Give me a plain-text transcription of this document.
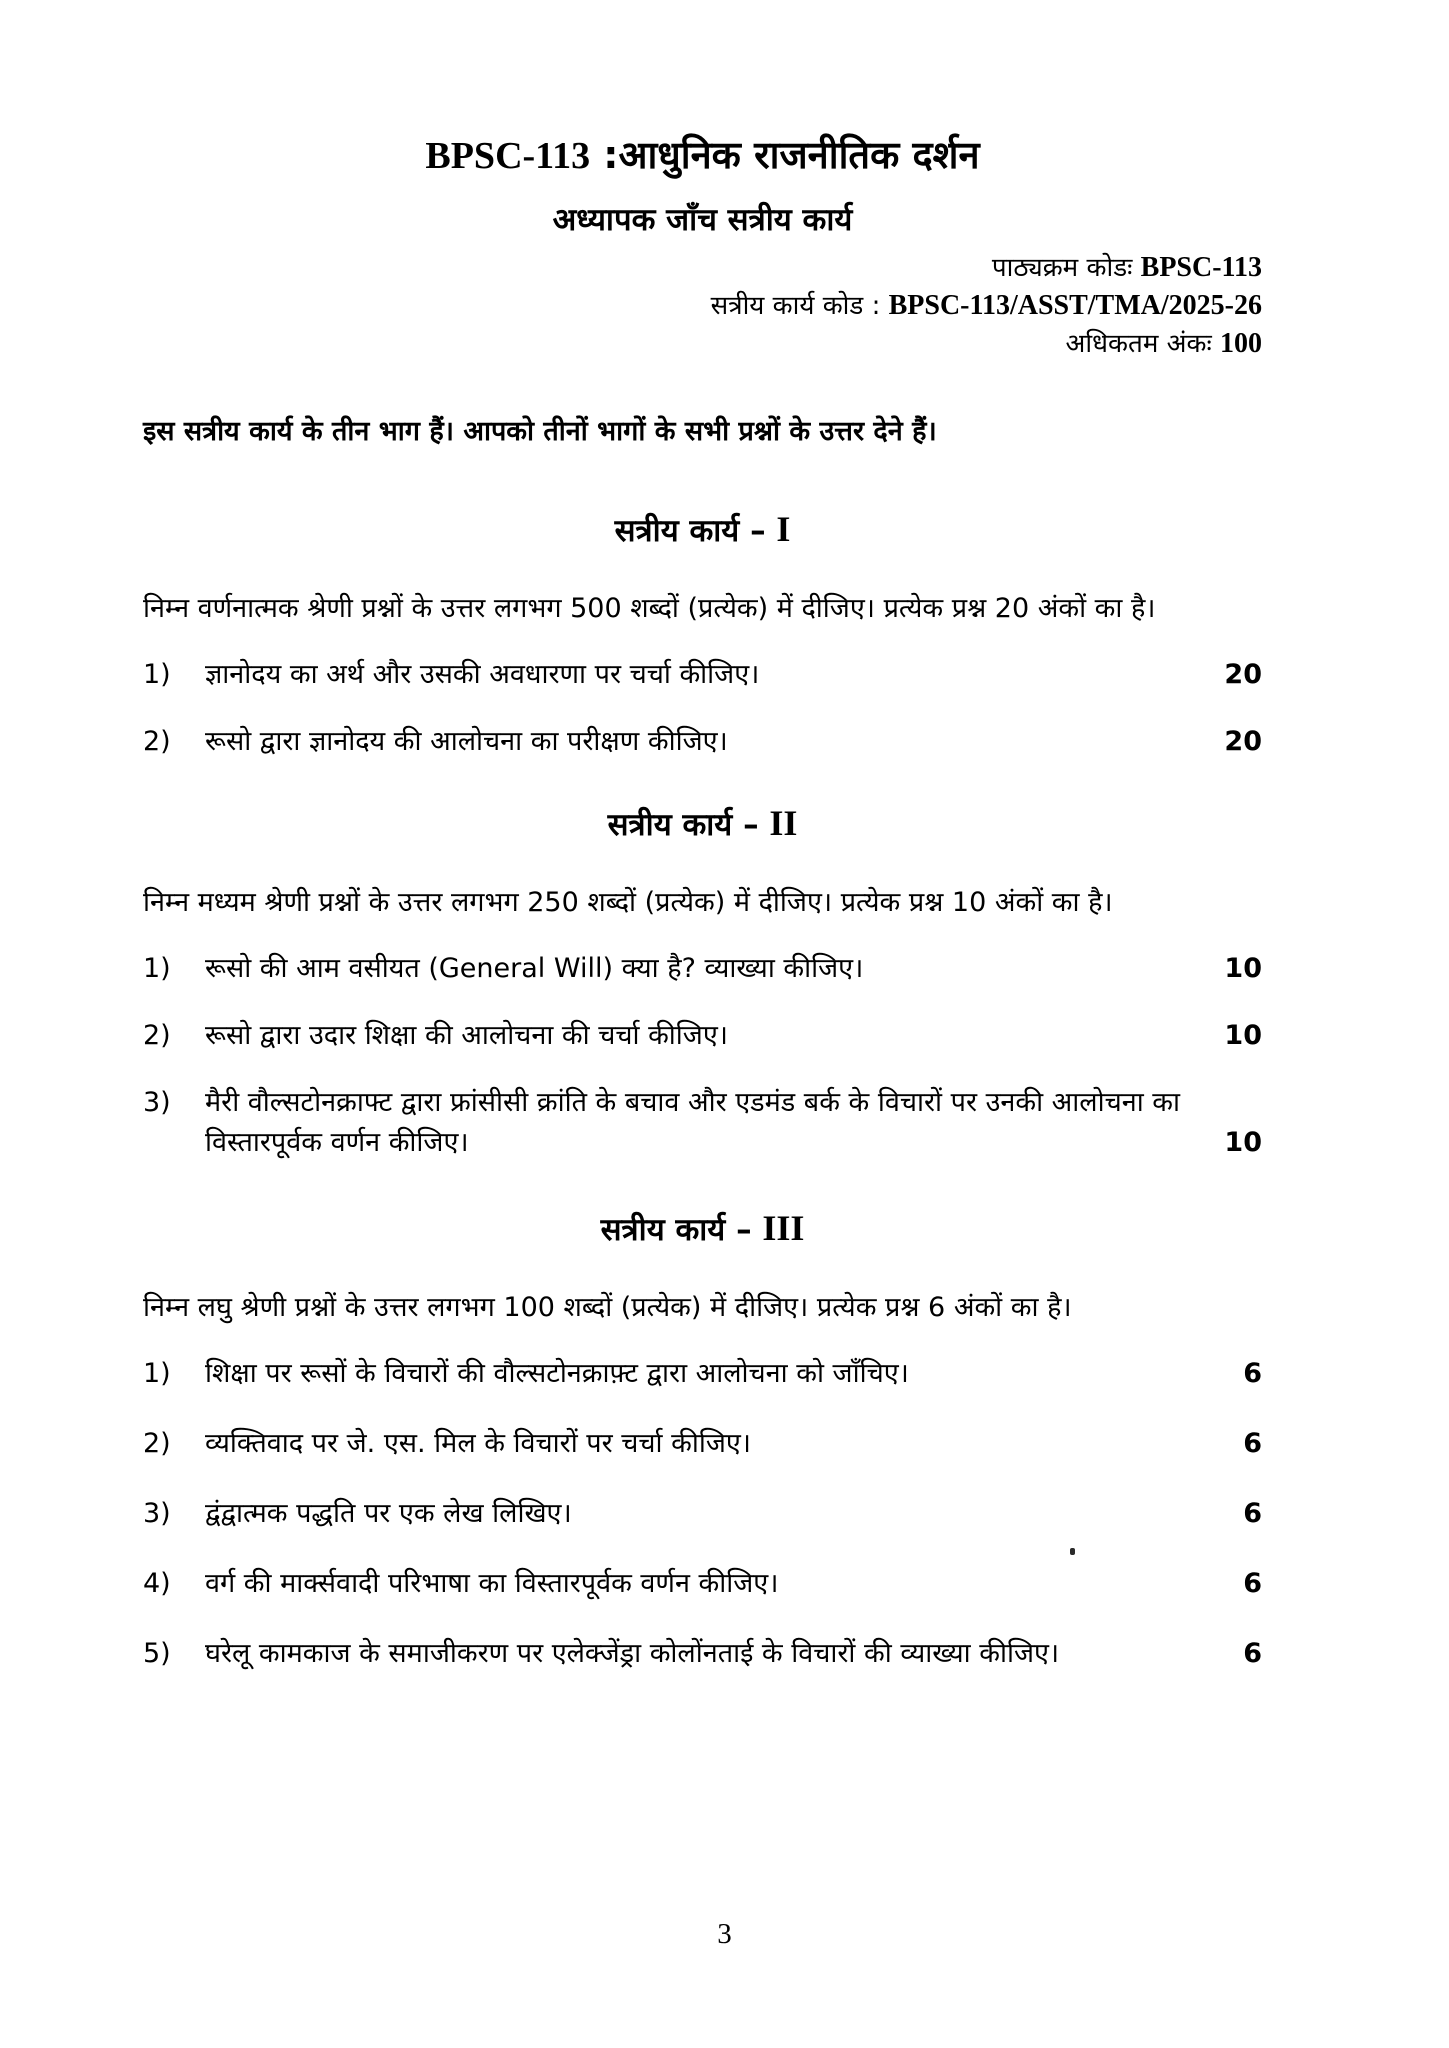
BPSC-113 :आधुनिक राजनीतिक दर्शन
अध्यापक जाँच सत्रीय कार्य
पाठ्यक्रम कोडः BPSC-113
सत्रीय कार्य कोड : BPSC-113/ASST/TMA/2025-26
अधिकतम अंकः 100
इस सत्रीय कार्य के तीन भाग हैं। आपको तीनों भागों के सभी प्रश्नों के उत्तर देने हैं।
सत्रीय कार्य – I
निम्न वर्णनात्मक श्रेणी प्रश्नों के उत्तर लगभग 500 शब्दों (प्रत्येक) में दीजिए। प्रत्येक प्रश्न 20 अंकों का है।
1)	ज्ञानोदय का अर्थ और उसकी अवधारणा पर चर्चा कीजिए।	20
2)	रूसो द्वारा ज्ञानोदय की आलोचना का परीक्षण कीजिए।	20
सत्रीय कार्य – II
निम्न मध्यम श्रेणी प्रश्नों के उत्तर लगभग 250 शब्दों (प्रत्येक) में दीजिए। प्रत्येक प्रश्न 10 अंकों का है।
1)	रूसो की आम वसीयत (General Will) क्या है? व्याख्या कीजिए।	10
2)	रूसो द्वारा उदार शिक्षा की आलोचना की चर्चा कीजिए।	10
3)	मैरी वौल्सटोनक्राफ्ट द्वारा फ्रांसीसी क्रांति के बचाव और एडमंड बर्क के विचारों पर उनकी आलोचना का विस्तारपूर्वक वर्णन कीजिए।	10
सत्रीय कार्य – III
निम्न लघु श्रेणी प्रश्नों के उत्तर लगभग 100 शब्दों (प्रत्येक) में दीजिए। प्रत्येक प्रश्न 6 अंकों का है।
1)	शिक्षा पर रूसों के विचारों की वौल्सटोनक्राफ़्ट द्वारा आलोचना को जाँचिए।	6
2)	व्यक्तिवाद पर जे. एस. मिल के विचारों पर चर्चा कीजिए।	6
3)	द्वंद्वात्मक पद्धति पर एक लेख लिखिए।	6
4)	वर्ग की मार्क्सवादी परिभाषा का विस्तारपूर्वक वर्णन कीजिए।	6
5)	घरेलू कामकाज के समाजीकरण पर एलेक्जेंड्रा कोलोंनताई के विचारों की व्याख्या कीजिए।	6
3
